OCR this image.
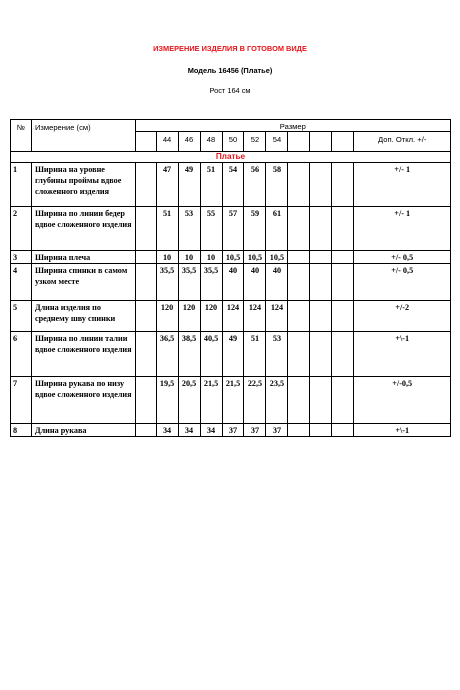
ИЗМЕРЕНИЕ ИЗДЕЛИЯ В ГОТОВОМ ВИДЕ
Модель 16456 (Платье)
Рост 164 см
№	Измерение (см)	Размер										
			44	46	48	50	52	54				Доп. Откл. +/-
Платье												
1	Ширина на уровне глубины проймы вдвое сложенного изделия		47	49	51	54	56	58				+/- 1
2	Ширина по линии бедер вдвое сложенного изделия		51	53	55	57	59	61				+/- 1
3	Ширина плеча		10	10	10	10,5	10,5	10,5				+/- 0,5
4	Ширина спинки в самом узком месте		35,5	35,5	35,5	40	40	40				+/- 0,5
5	Длина изделия по среднему шву спинки		120	120	120	124	124	124				+/-2
6	Ширина по линии талии вдвое сложенного изделия		36,5	38,5	40,5	49	51	53				+\-1
7	Ширина рукава по низу вдвое сложенного изделия		19,5	20,5	21,5	21,5	22,5	23,5				+/-0,5
8	Длина рукава		34	34	34	37	37	37				+\-1
